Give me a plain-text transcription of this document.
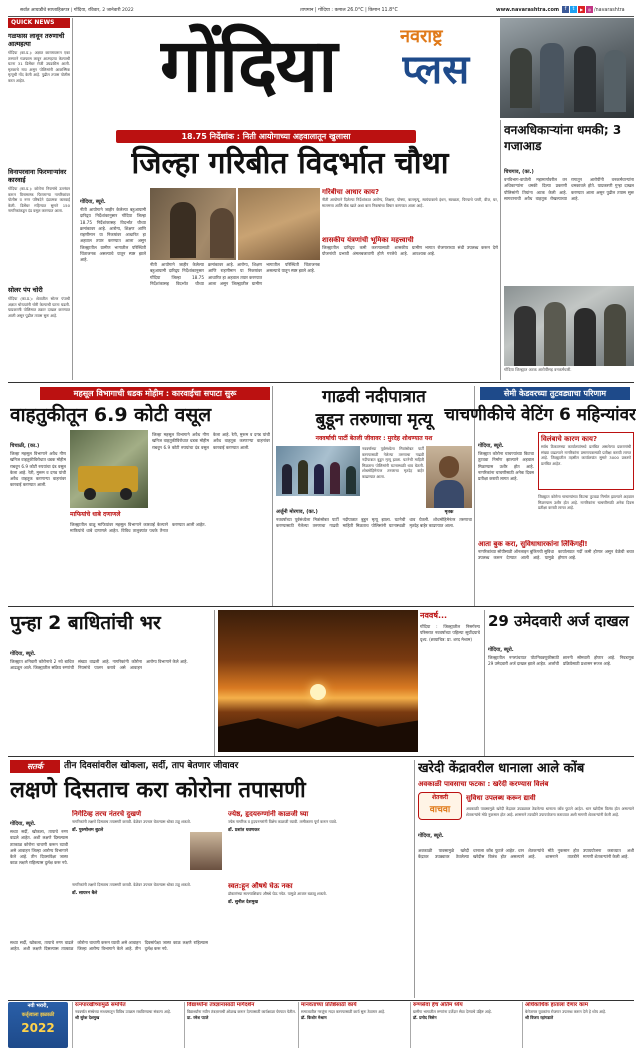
सर्वात आघाडीचे साप्ताहिकपत्र | गोंदिया, रविवार, 2 जानेवारी 2022	तापमान | गोंदिया : कमाल 26.0°C | किमान 11.8°C	www.navarashtra.com	f	t	▶	◎ /navarashtra
गोंदिया	नवराष्ट्र
प्लस
QUICK NEWS
गळफास लावून तरुणाची आत्महत्या
गोंदिया (का.प्र.): अज्ञात कारणावरून एका तरुणाने गळफास लावून आत्महत्या केल्याची घटना 31 डिसेंबर रोजी उघडकीस आली. मृतकाचे नाव असून पोलिसांनी आकस्मिक मृत्यूची नोंद केली आहे. पुढील तपास पोलीस करत आहेत.
विनापरवाना फिरणाऱ्यांवर कारवाई
गोंदिया (का.प्र.): कोरोना नियमांचे उल्लंघन करून विनामास्क फिरणाऱ्या नागरिकांवर पोलीस व नगर परिषदेने दंडात्मक कारवाई केली. डिसेंबर महिन्यात सुमारे 150 नागरिकांकडून दंड वसूल करण्यात आला.
सोलर पंप चोरी
गोंदिया (का.प्र.): शेतातील सोलर पंपाची अज्ञात चोरट्यांनी चोरी केल्याची घटना घडली. याप्रकरणी पोलिसात तक्रार दाखल करण्यात आली असून पुढील तपास सुरू आहे.
18.75 निर्देशांक : निती आयोगाच्या अहवालातून खुलासा
जिल्हा गरिबीत विदर्भात चौथा
गोंदिया, ब्यूरो.
नीती आयोगाने जाहीर केलेल्या बहुआयामी दारिद्र्य निर्देशांकानुसार गोंदिया जिल्हा 18.75 निर्देशांकासह विदर्भात चौथ्या क्रमांकावर आहे. आरोग्य, शिक्षण आणि राहणीमान या निकषांवर आधारित हा अहवाल तयार करण्यात आला असून जिल्ह्यातील ग्रामीण भागातील परिस्थिती चिंताजनक असल्याचे यातून स्पष्ट झाले आहे.
नीती आयोगाने जाहीर केलेल्या बहुआयामी दारिद्र्य निर्देशांकानुसार गोंदिया जिल्हा 18.75 निर्देशांकासह विदर्भात चौथ्या क्रमांकावर आहे. आरोग्य, शिक्षण आणि राहणीमान या निकषांवर आधारित हा अहवाल तयार करण्यात आला असून जिल्ह्यातील ग्रामीण भागातील परिस्थिती चिंताजनक असल्याचे यातून स्पष्ट झाले आहे.
गरिबीचा आधार काय?
नीती आयोगाने दिलेल्या निर्देशांकात आरोग्य, शिक्षण, पोषण, बालमृत्यू, स्वयंपाकाचे इंधन, स्वच्छता, पिण्याचे पाणी, वीज, घर, मालमत्ता आणि बँक खाते अशा बारा निकषांचा विचार करण्यात आला आहे.
शासकीय यंत्रणांची भूमिका महत्त्वाची
जिल्ह्यातील दारिद्र्य कमी करण्यासाठी शासकीय योजनांची प्रभावी अंमलबजावणी होणे गरजेचे आहे. ग्रामीण भागात रोजगाराच्या संधी उपलब्ध करून देणे आवश्यक आहे.
वनअधिकाऱ्यांना धमकी; 3 गजाआड
चिचगाव, (का.)
वनविभाग-वाघोली महामार्गावरील वन अधिकाऱ्यांना धमकी दिल्या प्रकरणी पोलिसांनी तिघांना अटक केली आहे. सागवानाची अवैध वाहतूक रोखल्याच्या रागातून आरोपींनी वनकर्मचाऱ्यांना धमकावले होते. याप्रकरणी गुन्हा दाखल करण्यात आला असून पुढील तपास सुरू आहे.
गोंदिया जिल्ह्यात अटक आरोपींसह वनकर्मचारी.
महसूल विभागाची धडक मोहीम : कारवाईचा सपाटा सुरू
वाहतुकीतून 6.9 कोटी वसूल
चिचाळी, (का.)
जिल्हा महसूल विभागाने अवैध गौण खनिज वाहतुकीविरोधात धडक मोहीम राबवून 6.9 कोटी रुपयांचा दंड वसूल केला आहे. रेती, मुरूम व दगड यांची अवैध वाहतूक करणाऱ्या वाहनांवर कारवाई करण्यात आली.
माफियांचे धाबे दणाणले
जिल्ह्यातील वाळू माफियांवर महसूल विभागाने कारवाई केल्याने माफियांचे धाबे दणाणले आहेत. विविध तालुक्यांत पथके तैनात करण्यात आली आहेत.
जिल्हा महसूल विभागाने अवैध गौण खनिज वाहतुकीविरोधात धडक मोहीम राबवून 6.9 कोटी रुपयांचा दंड वसूल केला आहे. रेती, मुरूम व दगड यांची अवैध वाहतूक करणाऱ्या वाहनांवर कारवाई करण्यात आली.
गाढवी नदीपात्रात
बुडून तरुणाचा मृत्यू
नववर्षाची पार्टी बेतली जीवावर : मुरदेह शोधण्यात यश
मृतक
अर्जुनी मोरगाव, (का.)
नववर्षाच्या पूर्वसंध्येला मित्रांसोबत पार्टी करण्यासाठी गेलेल्या तरुणाचा गाढवी नदीपात्रात बुडून मृत्यू झाला. घटनेची माहिती मिळताच पोलिसांनी घटनास्थळी धाव घेतली. शोधमोहिमेनंतर तरुणाचा मृतदेह बाहेर काढण्यात आला.
नववर्षाच्या पूर्वसंध्येला मित्रांसोबत पार्टी करण्यासाठी गेलेल्या तरुणाचा गाढवी नदीपात्रात बुडून मृत्यू झाला. घटनेची माहिती मिळताच पोलिसांनी घटनास्थळी धाव घेतली. शोधमोहिमेनंतर तरुणाचा मृतदेह बाहेर काढण्यात आला.
सेमी केडवरच्या तुटवड्याचा परिणाम
चाचणीकीचे वेटिंग 6 महिन्यांवर
गोंदिया, ब्यूरो.
जिल्ह्यात कोरोना चाचण्यांच्या किटचा तुटवडा निर्माण झाल्याने अहवाल मिळण्यास उशीर होत आहे. नागरिकांना चाचणीसाठी अनेक दिवस प्रतीक्षा करावी लागत आहे.
विलंबाचे कारण काय?
सर्वच ठिकाणच्या कार्यालयांमध्ये प्रलंबित असलेल्या प्रकरणांची संख्या वाढल्याने नागरिकांना प्रमाणपत्रासाठी प्रतीक्षा करावी लागत आहे. जिल्ह्यातील तहसील कार्यालयांत सुमारे 3000 प्रकरणे प्रलंबित आहेत.
आता बुक करा, सुविधाधारकांना लिंकिंगही!
नागरिकांच्या सोयीसाठी ऑनलाइन बुकिंगची सुविधा उपलब्ध करून देण्यात आली आहे. यामुळे कार्यालयात गर्दी कमी होणार असून वेळेची बचत होणार आहे.
जिल्ह्यात कोरोना चाचण्यांच्या किटचा तुटवडा निर्माण झाल्याने अहवाल मिळण्यास उशीर होत आहे. नागरिकांना चाचणीसाठी अनेक दिवस प्रतीक्षा करावी लागत आहे.
पुन्हा 2 बाधितांची भर
गोंदिया, ब्यूरो.
जिल्ह्यात शनिवारी कोरोनाचे 2 नवे बाधित आढळून आले. जिल्ह्यातील सक्रिय रुग्णांची संख्या वाढली आहे. नागरिकांनी कोरोना नियमांचे पालन करावे असे आवाहन आरोग्य विभागाने केले आहे.
नववर्ष...
गोंदिया : जिल्ह्यातील निसर्गरम्य परिसरात नववर्षाच्या पहिल्या सूर्योदयाचे दृश्य. (छायाचित्र: प्रा. शरद मेश्राम)
29 उमेदवारी अर्ज दाखल
गोंदिया, ब्यूरो.
जिल्ह्यातील नगरपंचायत पोटनिवडणुकीसाठी 29 उमेदवारी अर्ज दाखल झाले आहेत. अर्जांची छाननी सोमवारी होणार आहे. निवडणूक प्रक्रियेसाठी प्रशासन सज्ज आहे.
सतर्क	तीन दिवसांवरील खोकला, सर्दी, ताप बेतणार जीवावर
लक्षणे दिसताच करा कोरोना तपासणी
गोंदिया, ब्यूरो.
सध्या सर्दी, खोकला, तापाचे रुग्ण वाढले आहेत. अशी लक्षणे दिसल्यास तात्काळ कोरोना चाचणी करून घ्यावी असे आवाहन जिल्हा आरोग्य विभागाने केले आहे. तीन दिवसांपेक्षा जास्त काळ लक्षणे राहिल्यास दुर्लक्ष करू नये.
निगेटिव्ह तरच नंतरचे दुखणे
नागरिकांनी लक्षणे दिसताच तपासणी करावी. वेळेवर उपचार घेतल्यास धोका टळू शकतो.
डॉ. पुरुषोत्तम बुटले
ज्येष्ठ, हृदयरुग्णांनी काळजी घ्या
ज्येष्ठ नागरिक व हृदयरुग्णांनी विशेष काळजी घ्यावी. लसीकरण पूर्ण करून घ्यावे.
डॉ. प्रशांत धवणकर
स्वत:हून औषधे घेऊ नका
डॉक्टरांच्या सल्ल्याशिवाय औषधे घेऊ नयेत. यामुळे आजार बळावू शकतो.
डॉ. सुनील देशमुख
नागरिकांनी लक्षणे दिसताच तपासणी करावी. वेळेवर उपचार घेतल्यास धोका टळू शकतो.
डॉ. सायरन बैले
सध्या सर्दी, खोकला, तापाचे रुग्ण वाढले आहेत. अशी लक्षणे दिसल्यास तात्काळ कोरोना चाचणी करून घ्यावी असे आवाहन जिल्हा आरोग्य विभागाने केले आहे. तीन दिवसांपेक्षा जास्त काळ लक्षणे राहिल्यास दुर्लक्ष करू नये.
खरेदी केंद्रावरील धानाला आले कोंब
अवकाळी पावसाचा फटका : खरेदी करण्यास विलंब
शेतकरी
वाचवा
सुविधा उपलब्ध करून द्यावी
अवकाळी पावसामुळे खरेदी केंद्रावर उघड्यावर ठेवलेल्या धानाला कोंब फुटले आहेत. धान खरेदीस विलंब होत असल्याने शेतकऱ्यांचे मोठे नुकसान होत आहे. शासनाने तातडीने उपाययोजना कराव्यात अशी मागणी शेतकऱ्यांनी केली आहे.
गोंदिया, ब्यूरो.
अवकाळी पावसामुळे खरेदी केंद्रावर उघड्यावर ठेवलेल्या धानाला कोंब फुटले आहेत. धान खरेदीस विलंब होत असल्याने शेतकऱ्यांचे मोठे नुकसान होत आहे. शासनाने तातडीने उपाययोजना कराव्यात अशी मागणी शेतकऱ्यांनी केली आहे.
नवी भरारी,
कर्तृत्वाला झळाळी
2022
रत्नपारखींच्यामुळे समर्पित
नववर्षात संस्थेच्या माध्यमातून विविध उपक्रम राबविण्याचा संकल्प आहे.
श्री सुरेश देशमुख
विद्यार्थ्यांना तंत्रज्ञानासाठी मार्गदर्शन
विद्यार्थ्यांना नवीन तंत्रज्ञानाची ओळख करून देण्यासाठी कार्यशाळा घेण्यात येतील.
प्रा. रमेश पटले
मानवताच्या प्रतिष्ठेसाठी कार्य
समाजातील गरजूंना मदत करण्यासाठी कार्य सुरू ठेवणार आहे.
डॉ. किशोर मेश्राम
रुग्णसेवा हेच अंतिम ध्येय
ग्रामीण भागातील रुग्णांना दर्जेदार सेवा देण्याचे उद्दिष्ट आहे.
डॉ. प्रमोद बिसेन
अधिकाधिक हाताला देणार काम
बेरोजगार युवकांना रोजगार उपलब्ध करून देणे हे ध्येय आहे.
श्री विजय रहांगडाले
